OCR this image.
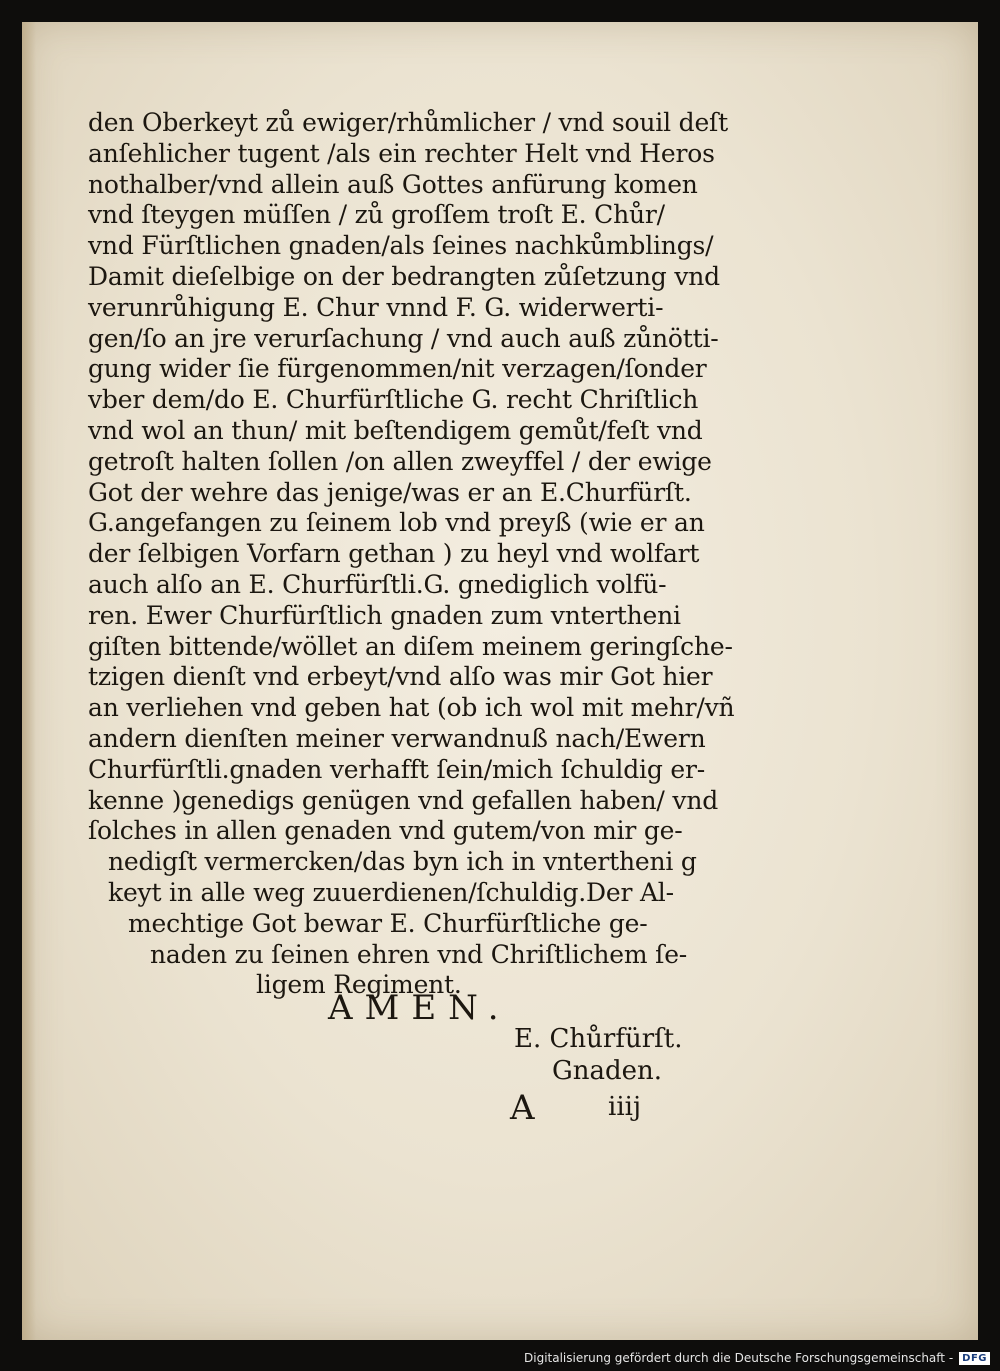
den Oberkeyt zů ewiger/rhůmlicher / vnd souil deſt
anſehlicher tugent /als ein rechter Helt vnd Heros
nothalber/vnd allein auß Gottes anfürung komen
vnd ſteygen müſſen / zů groſſem troſt E. Chůr/
vnd Fürſtlichen gnaden/als ſeines nachkůmblings/
Damit dieſelbige on der bedrangten zůſetzung vnd
verunrůhigung E. Chur vnnd F. G. widerwerti-
gen/ſo an jre verurſachung / vnd auch auß zůnötti-
gung wider ſie fürgenommen/nit verzagen/ſonder
vber dem/do E. Churfürſtliche G. recht Chriſtlich
vnd wol an thun/ mit beſtendigem gemůt/feſt vnd
getroſt halten ſollen /on allen zweyffel / der ewige
Got der wehre das jenige/was er an E.Churfürſt.
G.angefangen zu ſeinem lob vnd preyß (wie er an
der ſelbigen Vorfarn gethan ) zu heyl vnd wolfart
auch alſo an E. Churfürſtli.G. gnediglich volfü-
ren. Ewer Churfürſtlich gnaden zum vntertheni
giſten bittende/wöllet an diſem meinem geringſche-
tzigen dienſt vnd erbeyt/vnd alſo was mir Got hier
an verliehen vnd geben hat (ob ich wol mit mehr/vñ
andern dienſten meiner verwandnuß nach/Ewern
Churfürſtli.gnaden verhafft ſein/mich ſchuldig er-
kenne )genedigs genügen vnd gefallen haben/ vnd
ſolches in allen genaden vnd gutem/von mir ge-
nedigſt vermercken/das byn ich in vntertheni g
keyt in alle weg zuuerdienen/ſchuldig.Der Al-
mechtige Got bewar E. Churfürſtliche ge-
naden zu ſeinen ehren vnd Chriſtlichem ſe-
ligem Regiment.
AMEN.
E. Chůrfürſt.
Gnaden.
A	iiij
Digitalisierung gefördert durch die Deutsche Forschungsgemeinschaft - DFG
